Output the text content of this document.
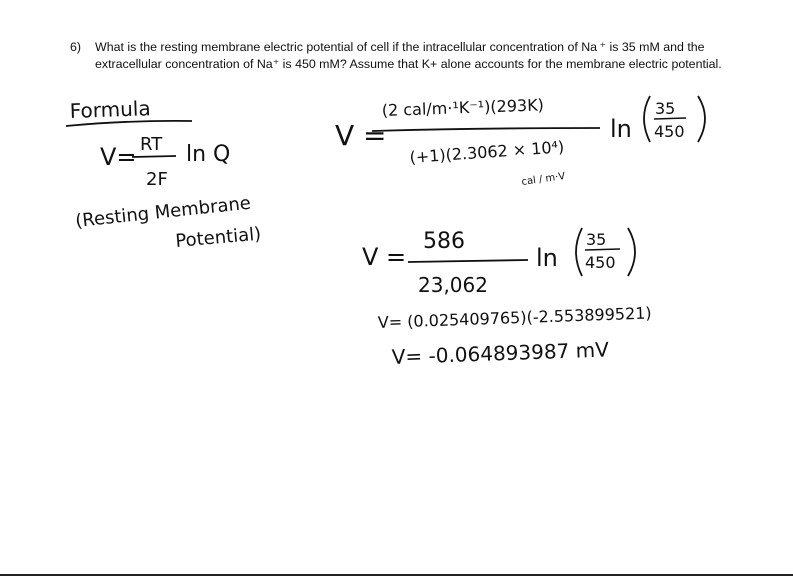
6) What is the resting membrane electric potential of cell if the intracellular concentration of Na ⁺ is 35 mM and the
extracellular concentration of Na⁺ is 450 mM? Assume that K+ alone accounts for the membrane electric potential.
Formula
V= RT
2F
ln Q
(Resting Membrane
Potential)
V =
(2 cal/m·¹K⁻¹)(293K)
(+1)(2.3062 × 10⁴)
cal / m·V
ln
35
450
V =
586
23,062
ln
35
450
V= (0.025409765)(-2.553899521)
V= -0.064893987 mV
